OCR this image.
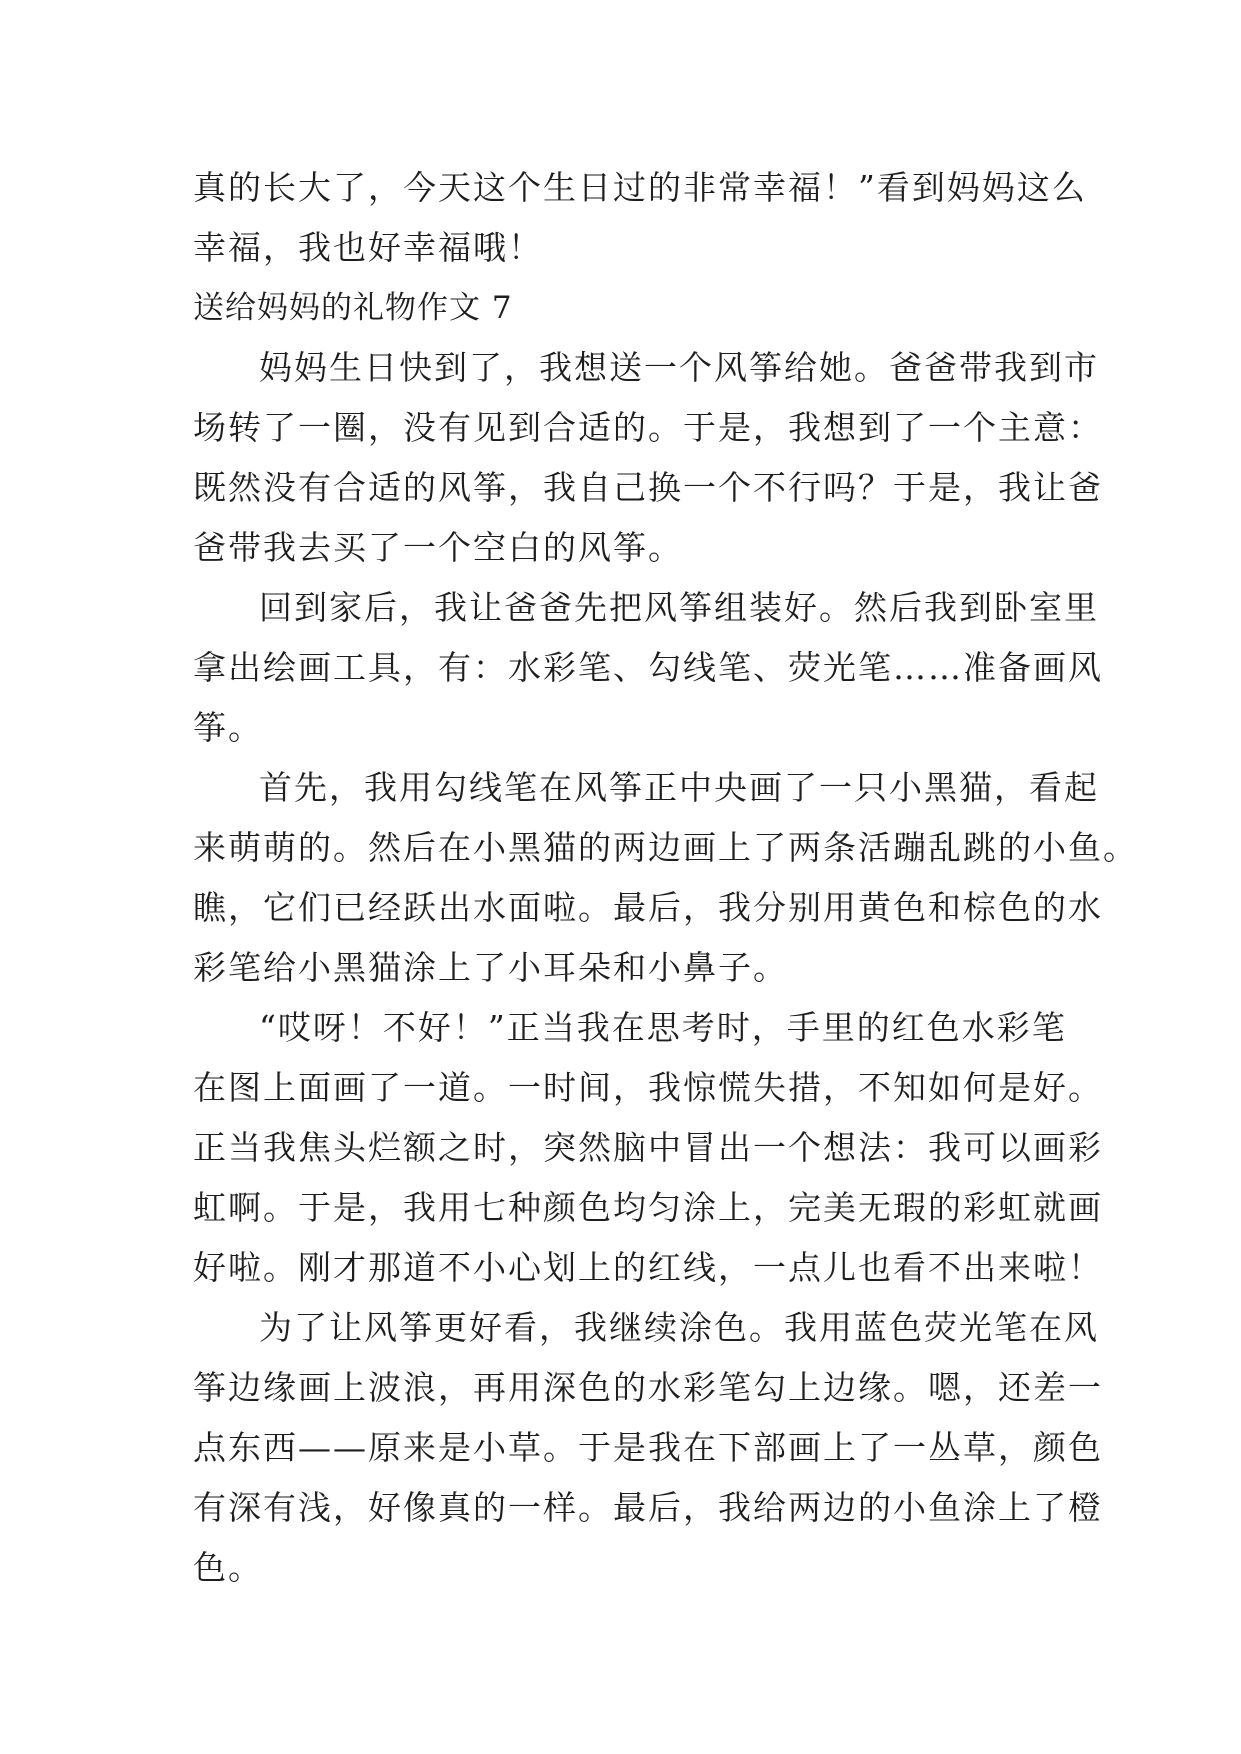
真的长大了，今天这个生日过的非常幸福！”看到妈妈这么
幸福，我也好幸福哦！
送给妈妈的礼物作文 7
妈妈生日快到了，我想送一个风筝给她。爸爸带我到市
场转了一圈，没有见到合适的。于是，我想到了一个主意：
既然没有合适的风筝，我自己换一个不行吗？于是，我让爸
爸带我去买了一个空白的风筝。
回到家后，我让爸爸先把风筝组装好。然后我到卧室里
拿出绘画工具，有：水彩笔、勾线笔、荧光笔……准备画风
筝。
首先，我用勾线笔在风筝正中央画了一只小黑猫，看起
来萌萌的。然后在小黑猫的两边画上了两条活蹦乱跳的小鱼。
瞧，它们已经跃出水面啦。最后，我分别用黄色和棕色的水
彩笔给小黑猫涂上了小耳朵和小鼻子。
“哎呀！不好！”正当我在思考时，手里的红色水彩笔
在图上面画了一道。一时间，我惊慌失措，不知如何是好。
正当我焦头烂额之时，突然脑中冒出一个想法：我可以画彩
虹啊。于是，我用七种颜色均匀涂上，完美无瑕的彩虹就画
好啦。刚才那道不小心划上的红线，一点儿也看不出来啦！
为了让风筝更好看，我继续涂色。我用蓝色荧光笔在风
筝边缘画上波浪，再用深色的水彩笔勾上边缘。嗯，还差一
点东西——原来是小草。于是我在下部画上了一丛草，颜色
有深有浅，好像真的一样。最后，我给两边的小鱼涂上了橙
色。
